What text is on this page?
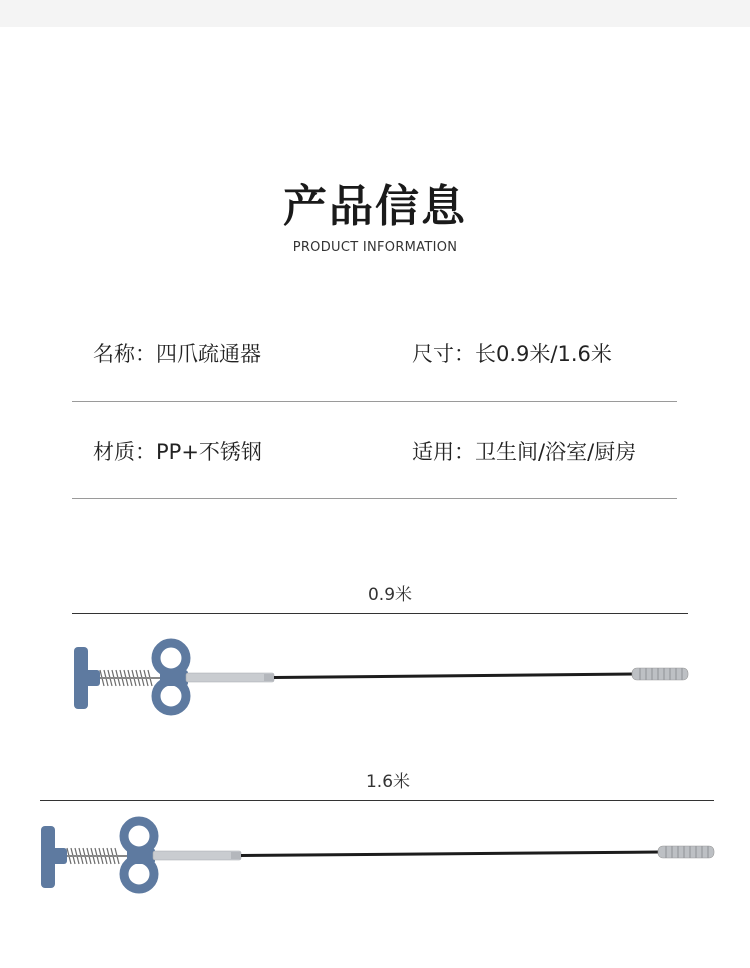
产品信息
PRODUCT INFORMATION
名称：四爪疏通器	尺寸：长0.9米/1.6米
材质：PP+不锈钢	适用：卫生间/浴室/厨房
0.9米
1.6米
